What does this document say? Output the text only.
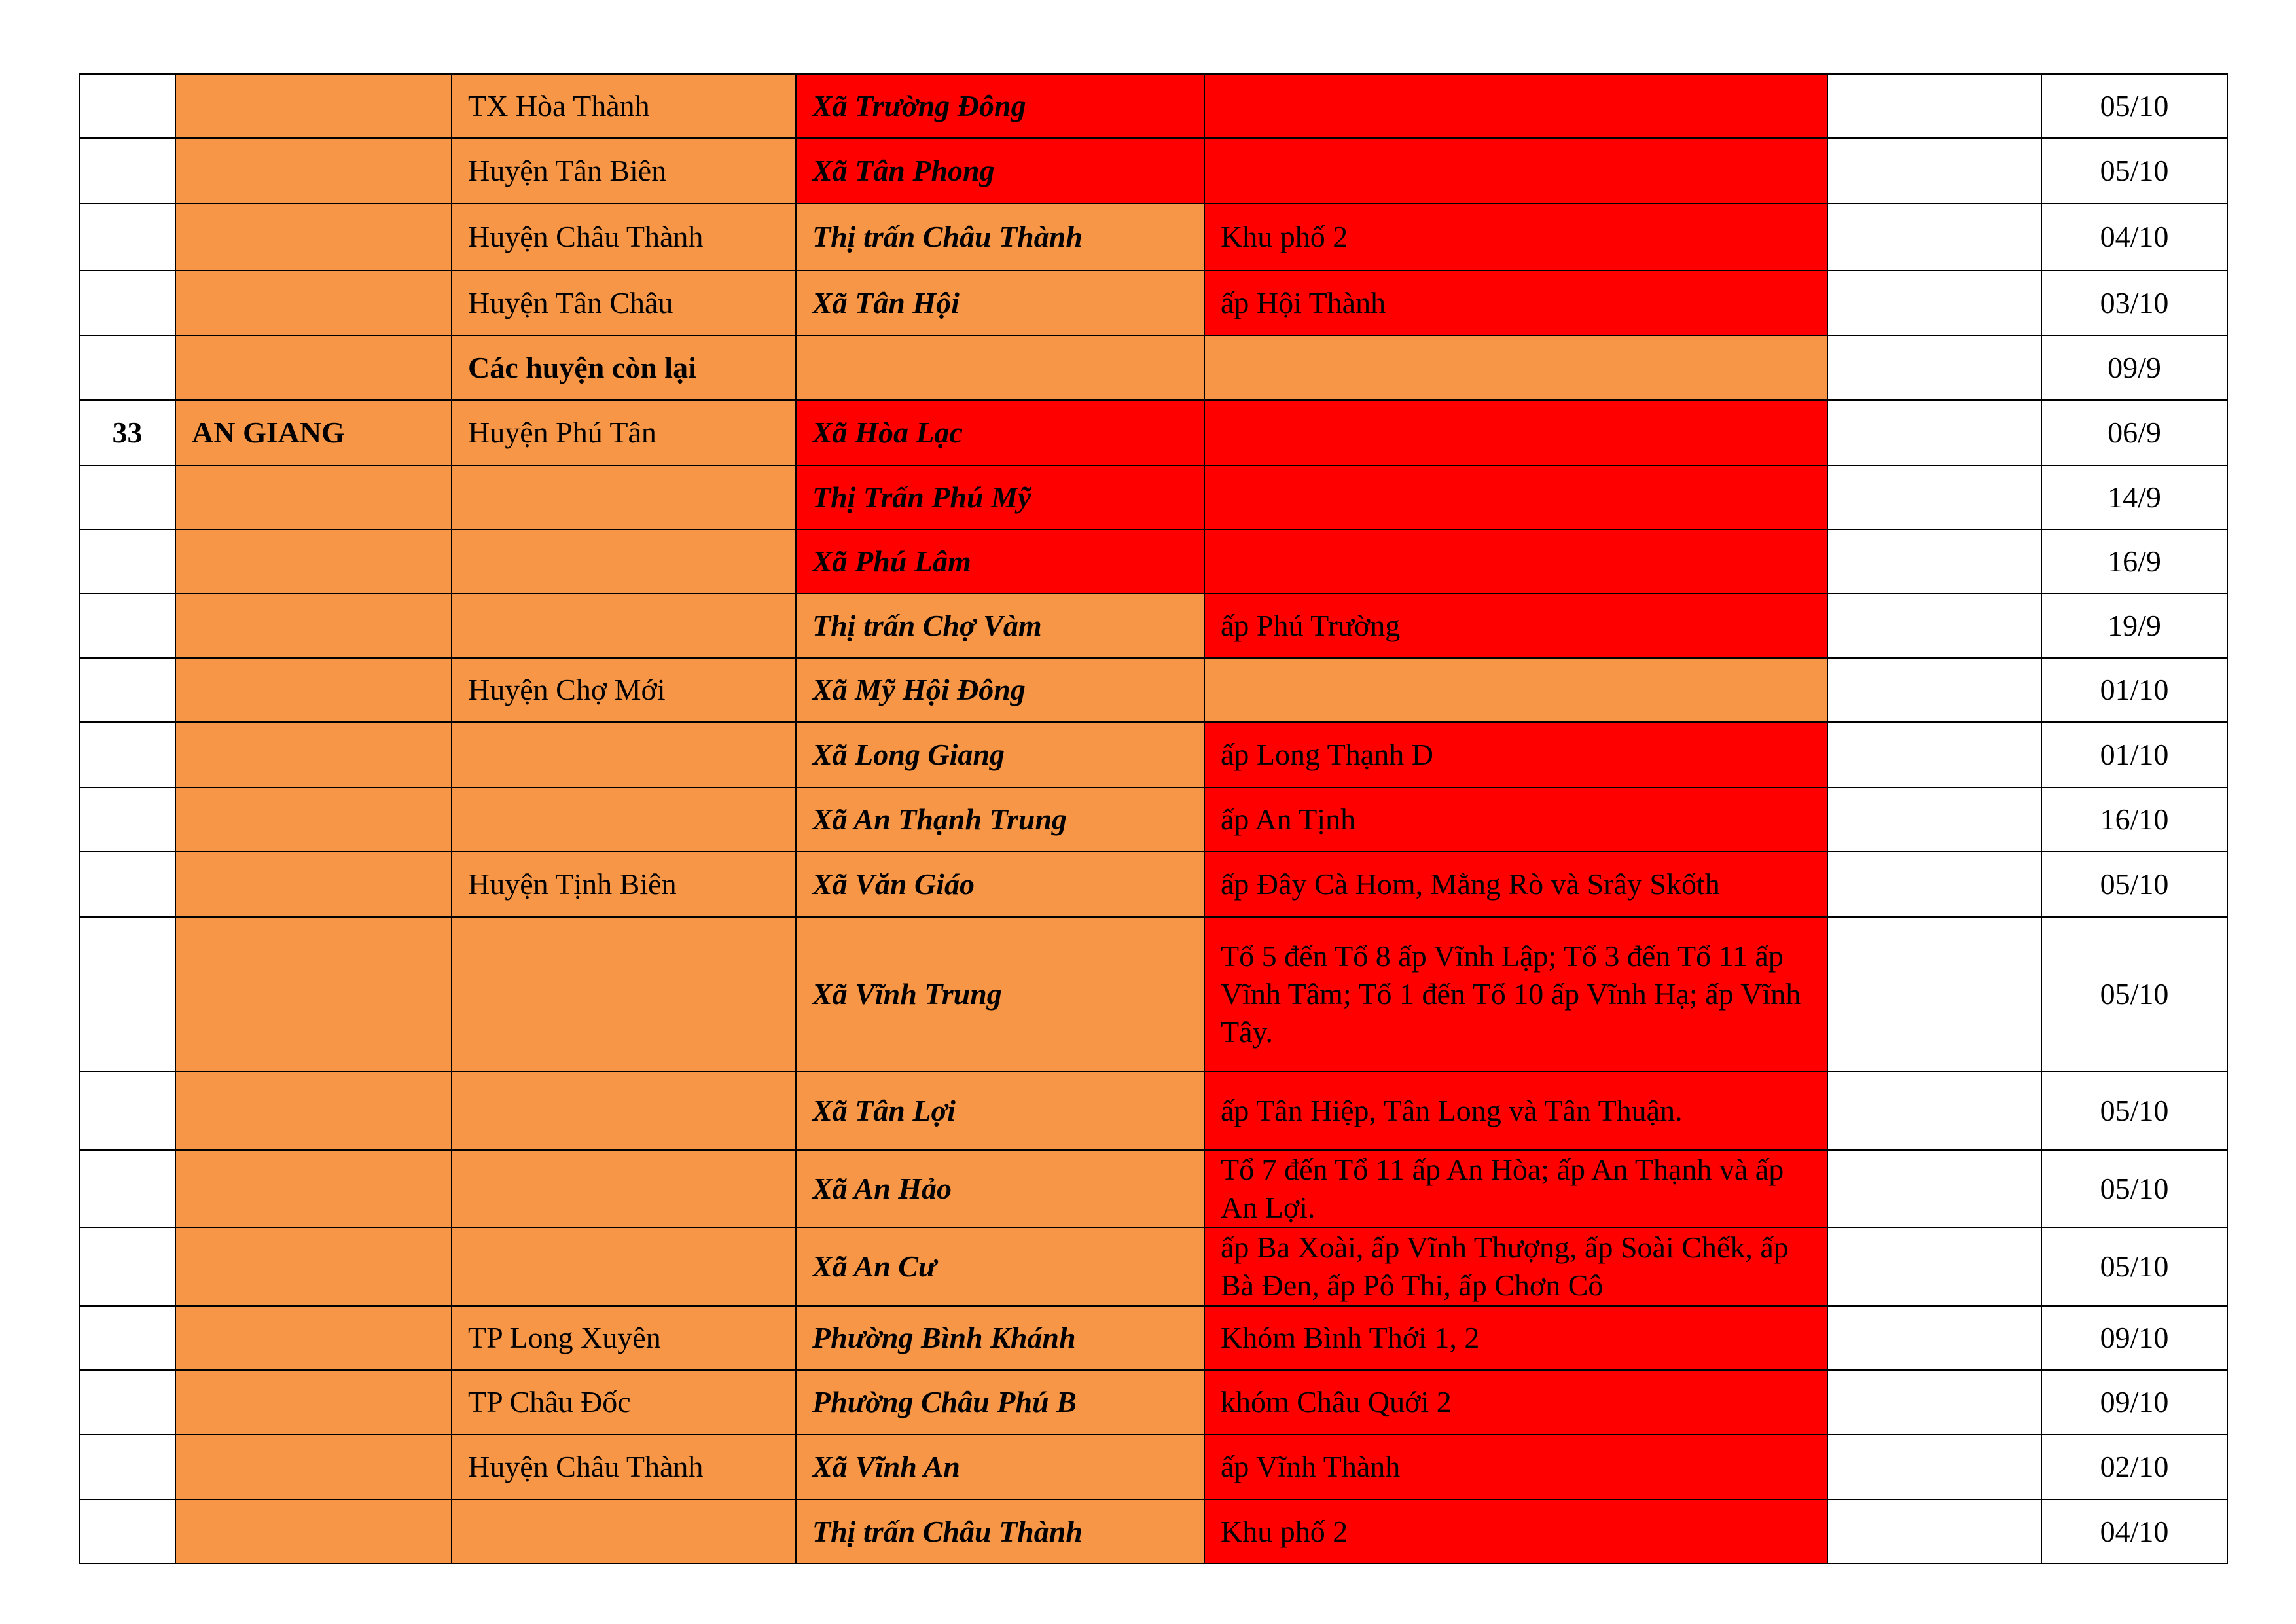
		TX Hòa Thành	Xã Trường Đông			05/10
		Huyện Tân Biên	Xã Tân Phong			05/10
		Huyện Châu Thành	Thị trấn Châu Thành	Khu phố 2		04/10
		Huyện Tân Châu	Xã Tân Hội	ấp Hội Thành		03/10
		Các huyện còn lại				09/9
33	AN GIANG	Huyện Phú Tân	Xã Hòa Lạc			06/9
			Thị Trấn Phú Mỹ			14/9
			Xã Phú Lâm			16/9
			Thị trấn Chợ Vàm	ấp Phú Trường		19/9
		Huyện Chợ Mới	Xã Mỹ Hội Đông			01/10
			Xã Long Giang	ấp Long Thạnh D		01/10
			Xã An Thạnh Trung	ấp An Tịnh		16/10
		Huyện Tịnh Biên	Xã Văn Giáo	ấp Đây Cà Hom, Mằng Rò và Srây Skốth		05/10
			Xã Vĩnh Trung	Tổ 5 đến Tổ 8 ấp Vĩnh Lập; Tổ 3 đến Tổ 11 ấp Vĩnh Tâm; Tổ 1 đến Tổ 10 ấp Vĩnh Hạ; ấp Vĩnh Tây.		05/10
			Xã Tân Lợi	ấp Tân Hiệp, Tân Long và Tân Thuận.		05/10
			Xã An Hảo	Tổ 7 đến Tổ 11 ấp An Hòa; ấp An Thạnh và ấp An Lợi.		05/10
			Xã An Cư	ấp Ba Xoài, ấp Vĩnh Thượng, ấp Soài Chếk, ấp Bà Đen, ấp Pô Thi, ấp Chơn Cô		05/10
		TP Long Xuyên	Phường Bình Khánh	Khóm Bình Thới 1, 2		09/10
		TP Châu Đốc	Phường Châu Phú B	khóm Châu Quới 2		09/10
		Huyện Châu Thành	Xã Vĩnh An	ấp Vĩnh Thành		02/10
			Thị trấn Châu Thành	Khu phố 2		04/10
